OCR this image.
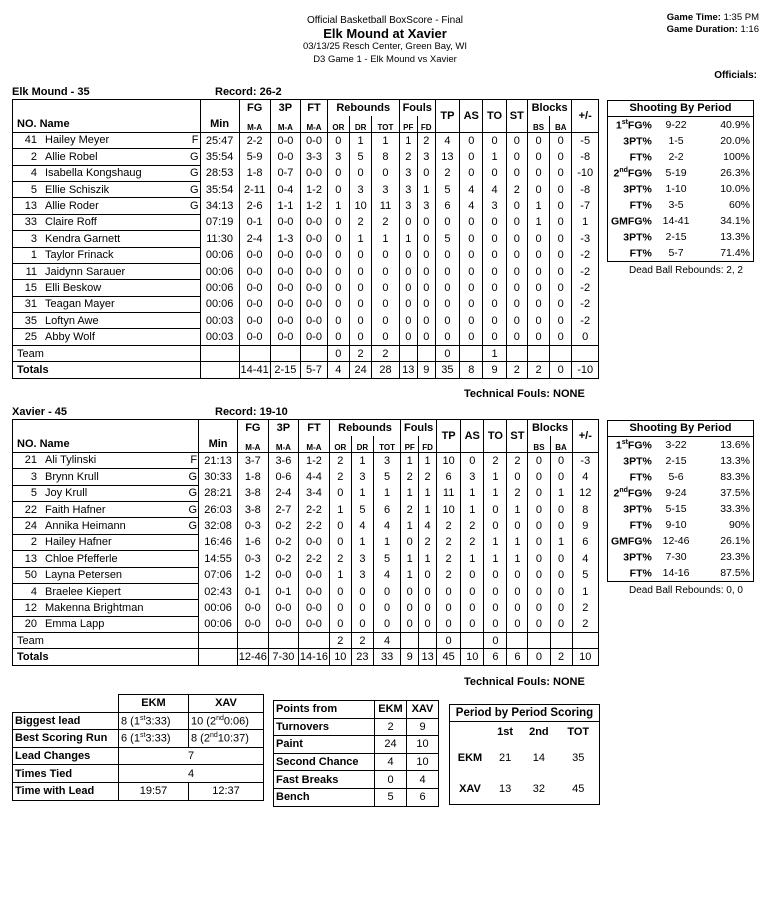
Official Basketball BoxScore - Final
Elk Mound at Xavier
03/13/25 Resch Center, Green Bay, WI
D3 Game 1 - Elk Mound vs Xavier
Game Time: 1:35 PM
Game Duration: 1:16
Officials:
Elk Mound - 35	Record: 26-2
		FG	3P	FT	Rebounds			Fouls		TP	AS	TO	ST	Blocks		+/-
NO. Name	Min	M-A	M-A	M-A	OR	DR	TOT	PF	FD					BS	BA	

41 Hailey Meyer F	25:47	2-2	0-0	0-0	0	1	1	1	2	4	0	0	0	0	0	-5

2 Allie Robel G	35:54	5-9	0-0	3-3	3	5	8	2	3	13	0	1	0	0	0	-8

4 Isabella Kongshaug G	28:53	1-8	0-7	0-0	0	0	0	3	0	2	0	0	0	0	0	-10

5 Ellie Schiszik G	35:54	2-11	0-4	1-2	0	3	3	3	1	5	4	4	2	0	0	-8

13 Allie Roder G	34:13	2-6	1-1	1-2	1	10	11	3	3	6	4	3	0	1	0	-7

33 Claire Roff	07:19	0-1	0-0	0-0	0	2	2	0	0	0	0	0	0	1	0	1

3 Kendra Garnett	11:30	2-4	1-3	0-0	0	1	1	1	0	5	0	0	0	0	0	-3

1 Taylor Frinack	00:06	0-0	0-0	0-0	0	0	0	0	0	0	0	0	0	0	0	-2

11 Jaidynn Sarauer	00:06	0-0	0-0	0-0	0	0	0	0	0	0	0	0	0	0	0	-2

15 Elli Beskow	00:06	0-0	0-0	0-0	0	0	0	0	0	0	0	0	0	0	0	-2

31 Teagan Mayer	00:06	0-0	0-0	0-0	0	0	0	0	0	0	0	0	0	0	0	-2

35 Loftyn Awe	00:03	0-0	0-0	0-0	0	0	0	0	0	0	0	0	0	0	0	-2

25 Abby Wolf	00:03	0-0	0-0	0-0	0	0	0	0	0	0	0	0	0	0	0	0
Team					0	2	2			0		1				
Totals		14-41	2-15	5-7	4	24	28	13	9	35	8	9	2	2	0	-10
Technical Fouls: NONE
Xavier - 45	Record: 19-10
		FG	3P	FT	Rebounds			Fouls		TP	AS	TO	ST	Blocks		+/-
NO. Name	Min	M-A	M-A	M-A	OR	DR	TOT	PF	FD					BS	BA	

21 Ali Tylinski F	21:13	3-7	3-6	1-2	2	1	3	1	1	10	0	2	2	0	0	-3

3 Brynn Krull G	30:33	1-8	0-6	4-4	2	3	5	2	2	6	3	1	0	0	0	4

5 Joy Krull G	28:21	3-8	2-4	3-4	0	1	1	1	1	11	1	1	2	0	1	12

22 Faith Hafner G	26:03	3-8	2-7	2-2	1	5	6	2	1	10	1	0	1	0	0	8

24 Annika Heimann G	32:08	0-3	0-2	2-2	0	4	4	1	4	2	2	0	0	0	0	9

2 Hailey Hafner	16:46	1-6	0-2	0-0	0	1	1	0	2	2	2	1	1	0	1	6

13 Chloe Pfefferle	14:55	0-3	0-2	2-2	2	3	5	1	1	2	1	1	1	0	0	4

50 Layna Petersen	07:06	1-2	0-0	0-0	1	3	4	1	0	2	0	0	0	0	0	5

4 Braelee Kiepert	02:43	0-1	0-1	0-0	0	0	0	0	0	0	0	0	0	0	0	1

12 Makenna Brightman	00:06	0-0	0-0	0-0	0	0	0	0	0	0	0	0	0	0	0	2

20 Emma Lapp	00:06	0-0	0-0	0-0	0	0	0	0	0	0	0	0	0	0	0	2
Team					2	2	4			0		0				
Totals		12-46	7-30	14-16	10	23	33	9	13	45	10	6	6	0	2	10
Technical Fouls: NONE
Shooting By Period
1stFG%	9-22	40.9%
3PT%	1-5	20.0%
FT%	2-2	100%
2ndFG%	5-19	26.3%
3PT%	1-10	10.0%
FT%	3-5	60%
GMFG%	14-41	34.1%
3PT%	2-15	13.3%
FT%	5-7	71.4%
Dead Ball Rebounds: 2, 2
Shooting By Period
1stFG%	3-22	13.6%
3PT%	2-15	13.3%
FT%	5-6	83.3%
2ndFG%	9-24	37.5%
3PT%	5-15	33.3%
FT%	9-10	90%
GMFG%	12-46	26.1%
3PT%	7-30	23.3%
FT%	14-16	87.5%
Dead Ball Rebounds: 0, 0
	EKM	XAV
Biggest lead	8 (1st3:33)	10 (2nd0:06)
Best Scoring Run	6 (1st3:33)	8 (2nd10:37)
Lead Changes	7	
Times Tied	4	
Time with Lead	19:57	12:37
Points from	EKM	XAV
Turnovers	2	9
Paint	24	10
Second Chance	4	10
Fast Breaks	0	4
Bench	5	6
Period by Period Scoring
	1st	2nd	TOT
EKM	21	14	35
XAV	13	32	45
